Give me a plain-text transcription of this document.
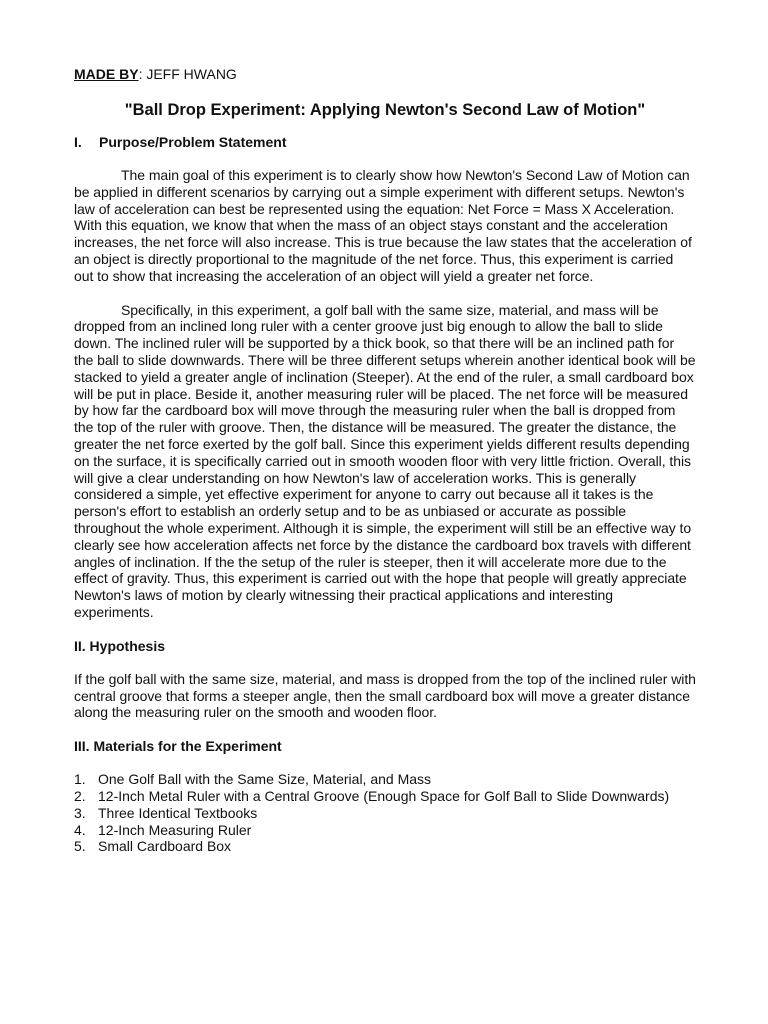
MADE BY: JEFF HWANG

"Ball Drop Experiment: Applying Newton's Second Law of Motion"
I. Purpose/Problem Statement

The main goal of this experiment is to clearly show how Newton's Second Law of Motion can be applied in different scenarios by carrying out a simple experiment with different setups. Newton's law of acceleration can best be represented using the equation: Net Force = Mass X Acceleration. With this equation, we know that when the mass of an object stays constant and the acceleration increases, the net force will also increase. This is true because the law states that the acceleration of an object is directly proportional to the magnitude of the net force. Thus, this experiment is carried out to show that increasing the acceleration of an object will yield a greater net force.

Specifically, in this experiment, a golf ball with the same size, material, and mass will be dropped from an inclined long ruler with a center groove just big enough to allow the ball to slide down. The inclined ruler will be supported by a thick book, so that there will be an inclined path for the ball to slide downwards. There will be three different setups wherein another identical book will be stacked to yield a greater angle of inclination (Steeper). At the end of the ruler, a small cardboard box will be put in place. Beside it, another measuring ruler will be placed. The net force will be measured by how far the cardboard box will move through the measuring ruler when the ball is dropped from the top of the ruler with groove. Then, the distance will be measured. The greater the distance, the greater the net force exerted by the golf ball. Since this experiment yields different results depending on the surface, it is specifically carried out in smooth wooden floor with very little friction. Overall, this will give a clear understanding on how Newton's law of acceleration works. This is generally considered a simple, yet effective experiment for anyone to carry out because all it takes is the person's effort to establish an orderly setup and to be as unbiased or accurate as possible throughout the whole experiment. Although it is simple, the experiment will still be an effective way to clearly see how acceleration affects net force by the distance the cardboard box travels with different angles of inclination. If the the setup of the ruler is steeper, then it will accelerate more due to the effect of gravity. Thus, this experiment is carried out with the hope that people will greatly appreciate Newton's laws of motion by clearly witnessing their practical applications and interesting experiments.

II. Hypothesis

If the golf ball with the same size, material, and mass is dropped from the top of the inclined ruler with central groove that forms a steeper angle, then the small cardboard box will move a greater distance along the measuring ruler on the smooth and wooden floor.

III. Materials for the Experiment
1. One Golf Ball with the Same Size, Material, and Mass
2. 12-Inch Metal Ruler with a Central Groove (Enough Space for Golf Ball to Slide Downwards)
3. Three Identical Textbooks
4. 12-Inch Measuring Ruler
5. Small Cardboard Box
